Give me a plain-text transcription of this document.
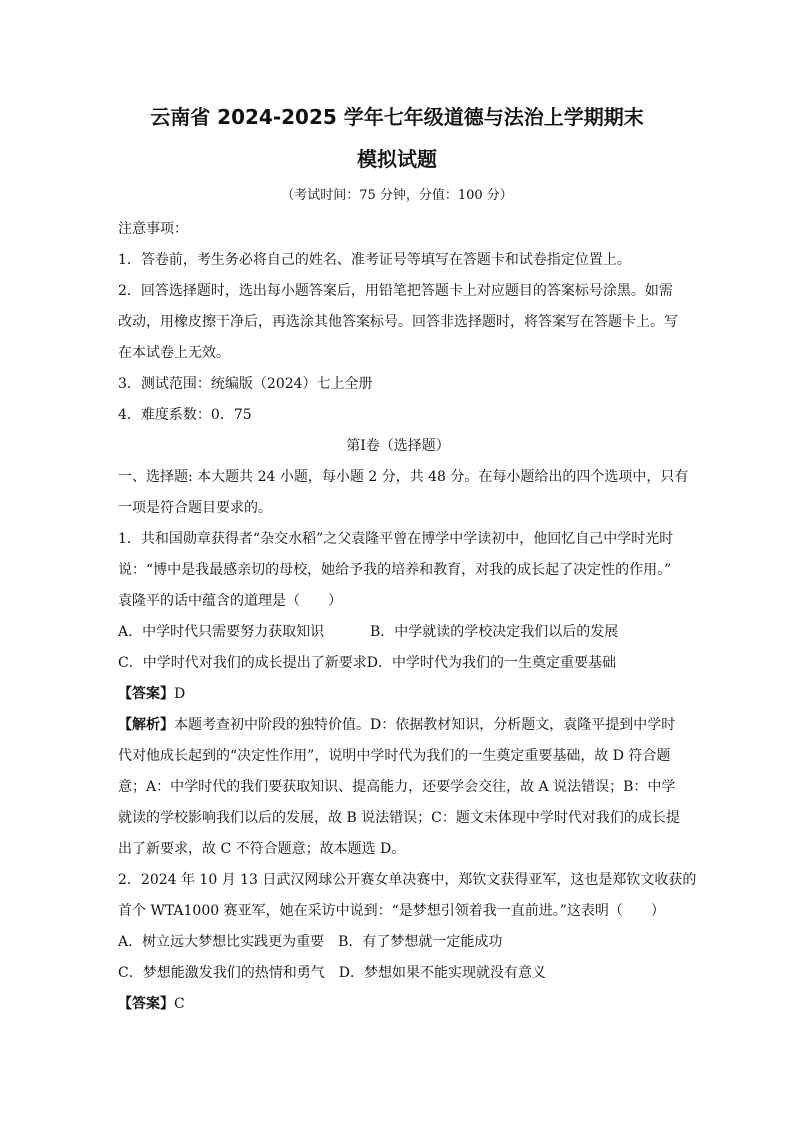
云南省 2024-2025 学年七年级道德与法治上学期期末
模拟试题
（考试时间：75 分钟，分值：100 分）
注意事项：
1．答卷前，考生务必将自己的姓名、准考证号等填写在答题卡和试卷指定位置上。
2．回答选择题时，选出每小题答案后，用铅笔把答题卡上对应题目的答案标号涂黑。如需
改动，用橡皮擦干净后，再选涂其他答案标号。回答非选择题时，将答案写在答题卡上。写
在本试卷上无效。
3．测试范围：统编版（2024）七上全册
4．难度系数：0．75
第Ⅰ卷（选择题）
一、选择题: 本大题共 24 小题，每小题 2 分，共 48 分。在每小题给出的四个选项中，只有
一项是符合题目要求的。
1．共和国勋章获得者“杂交水稻”之父袁隆平曾在博学中学读初中，他回忆自己中学时光时
说：“博中是我最感亲切的母校，她给予我的培养和教育，对我的成长起了决定性的作用。”
袁隆平的话中蕴含的道理是（　　）
A．中学时代只需要努力获取知识	B．中学就读的学校决定我们以后的发展
C．中学时代对我们的成长提出了新要求D．中学时代为我们的一生奠定重要基础
【答案】D
【解析】本题考查初中阶段的独特价值。D：依据教材知识，分析题文，袁隆平提到中学时
代对他成长起到的“决定性作用”，说明中学时代为我们的一生奠定重要基础，故 D 符合题
意；A：中学时代的我们要获取知识、提高能力，还要学会交往，故 A 说法错误；B：中学
就读的学校影响我们以后的发展，故 B 说法错误；C：题文未体现中学时代对我们的成长提
出了新要求，故 C 不符合题意；故本题选 D。
2．2024 年 10 月 13 日武汉网球公开赛女单决赛中，郑钦文获得亚军，这也是郑钦文收获的
首个 WTA1000 赛亚军，她在采访中说到：“是梦想引领着我一直前进。”这表明（　　）
A．树立远大梦想比实践更为重要 B．有了梦想就一定能成功
C．梦想能激发我们的热情和勇气 D．梦想如果不能实现就没有意义
【答案】C
